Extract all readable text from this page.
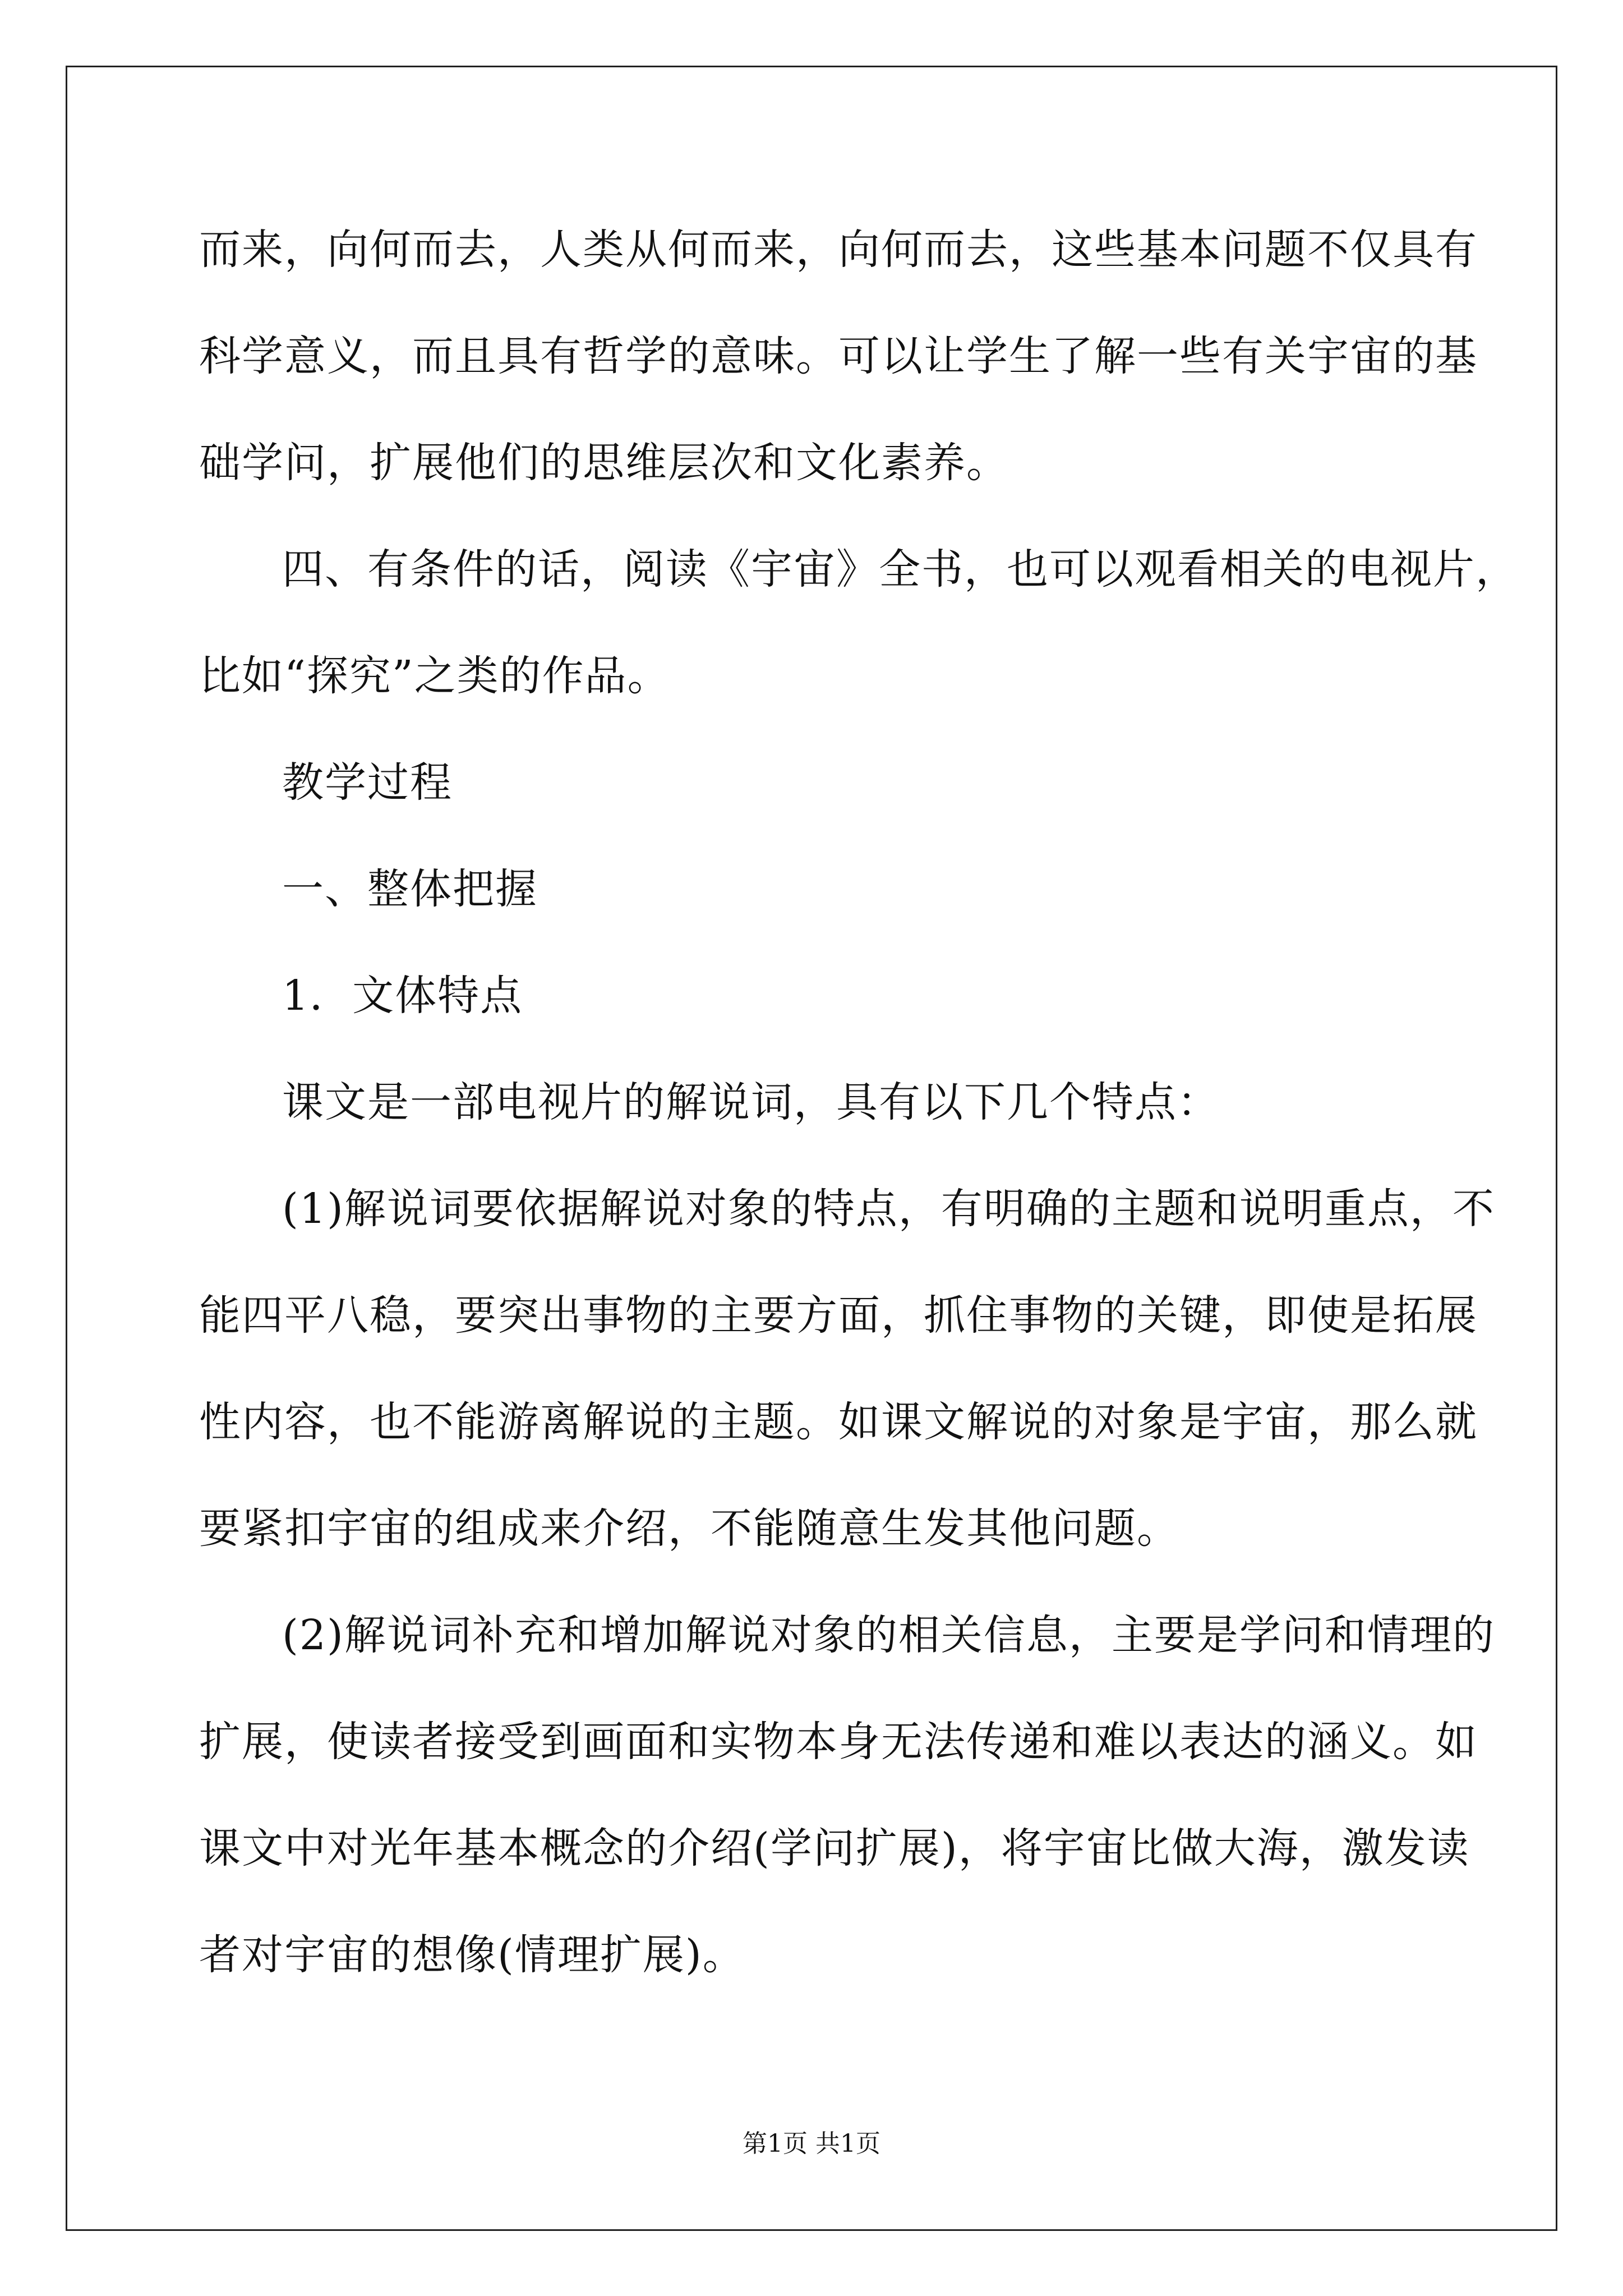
而来，向何而去，人类从何而来，向何而去，这些基本问题不仅具有
科学意义，而且具有哲学的意味。可以让学生了解一些有关宇宙的基
础学问，扩展他们的思维层次和文化素养。
四、有条件的话，阅读《宇宙》全书，也可以观看相关的电视片，
比如“探究”之类的作品。
教学过程
一、整体把握
1．文体特点
课文是一部电视片的解说词，具有以下几个特点：
(1)解说词要依据解说对象的特点，有明确的主题和说明重点，不
能四平八稳，要突出事物的主要方面，抓住事物的关键，即使是拓展
性内容，也不能游离解说的主题。如课文解说的对象是宇宙，那么就
要紧扣宇宙的组成来介绍，不能随意生发其他问题。
(2)解说词补充和增加解说对象的相关信息，主要是学问和情理的
扩展，使读者接受到画面和实物本身无法传递和难以表达的涵义。如
课文中对光年基本概念的介绍(学问扩展)，将宇宙比做大海，激发读
者对宇宙的想像(情理扩展)。
第1页 共1页
